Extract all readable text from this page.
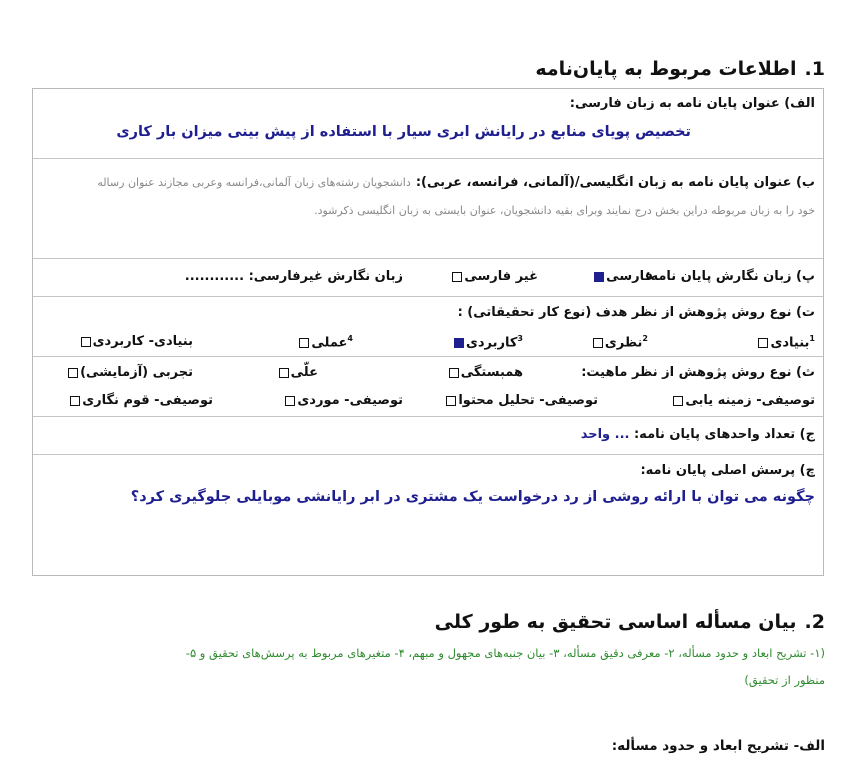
1.اطلاعات مربوط به پایان‌نامه
الف) عنوان پایان نامه به زبان فارسی:
تخصیص پویای منابع در رایانش ابری سیار با استفاده از پیش بینی میزان بار کاری
ب) عنوان پایان نامه به زبان انگلیسی/(آلمانی، فرانسه، عربی): دانشجویان رشته‌های زبان آلمانی،فرانسه وعربی مجازند عنوان رساله
خود را به زبان مربوطه دراین بخش درج نمایند وبرای بقیه دانشجویان، عنوان بایستی به زبان انگلیسی ذکرشود.
پ) زبان نگارش پایان نامه:
فارسی
غیر فارسی
زبان نگارش غیرفارسی: ............
ت) نوع روش پژوهش از نظر هدف (نوع کار تحقیقاتی) :
$^1$بنیادی
$^2$نظری
$^3$کاربردی
$^4$عملی
بنیادی- کاربردی
ث) نوع روش پژوهش از نظر ماهیت:
همبستگی
علّی
تجربی (آزمایشی)
توصیفی- زمینه یابی
توصیفی- تحلیل محتوا
توصیفی- موردی
توصیفی- قوم نگاری
ج) تعداد واحدهای پایان نامه: ... واحد
چ) پرسش اصلی پایان نامه:
چگونه می توان با ارائه روشی از رد درخواست یک مشتری در ابر رایانشی موبایلی جلوگیری کرد؟
2.بیان مسأله اساسی تحقیق به طور کلی
(۱- تشریح ابعاد و حدود مسأله، ۲- معرفی دقیق مسأله، ۳- بیان جنبه‌های مجهول و مبهم، ۴- متغیرهای مربوط به پرسش‌های تحقیق و ۵-
منظور از تحقیق)
الف- تشریح ابعاد و حدود مسأله:
